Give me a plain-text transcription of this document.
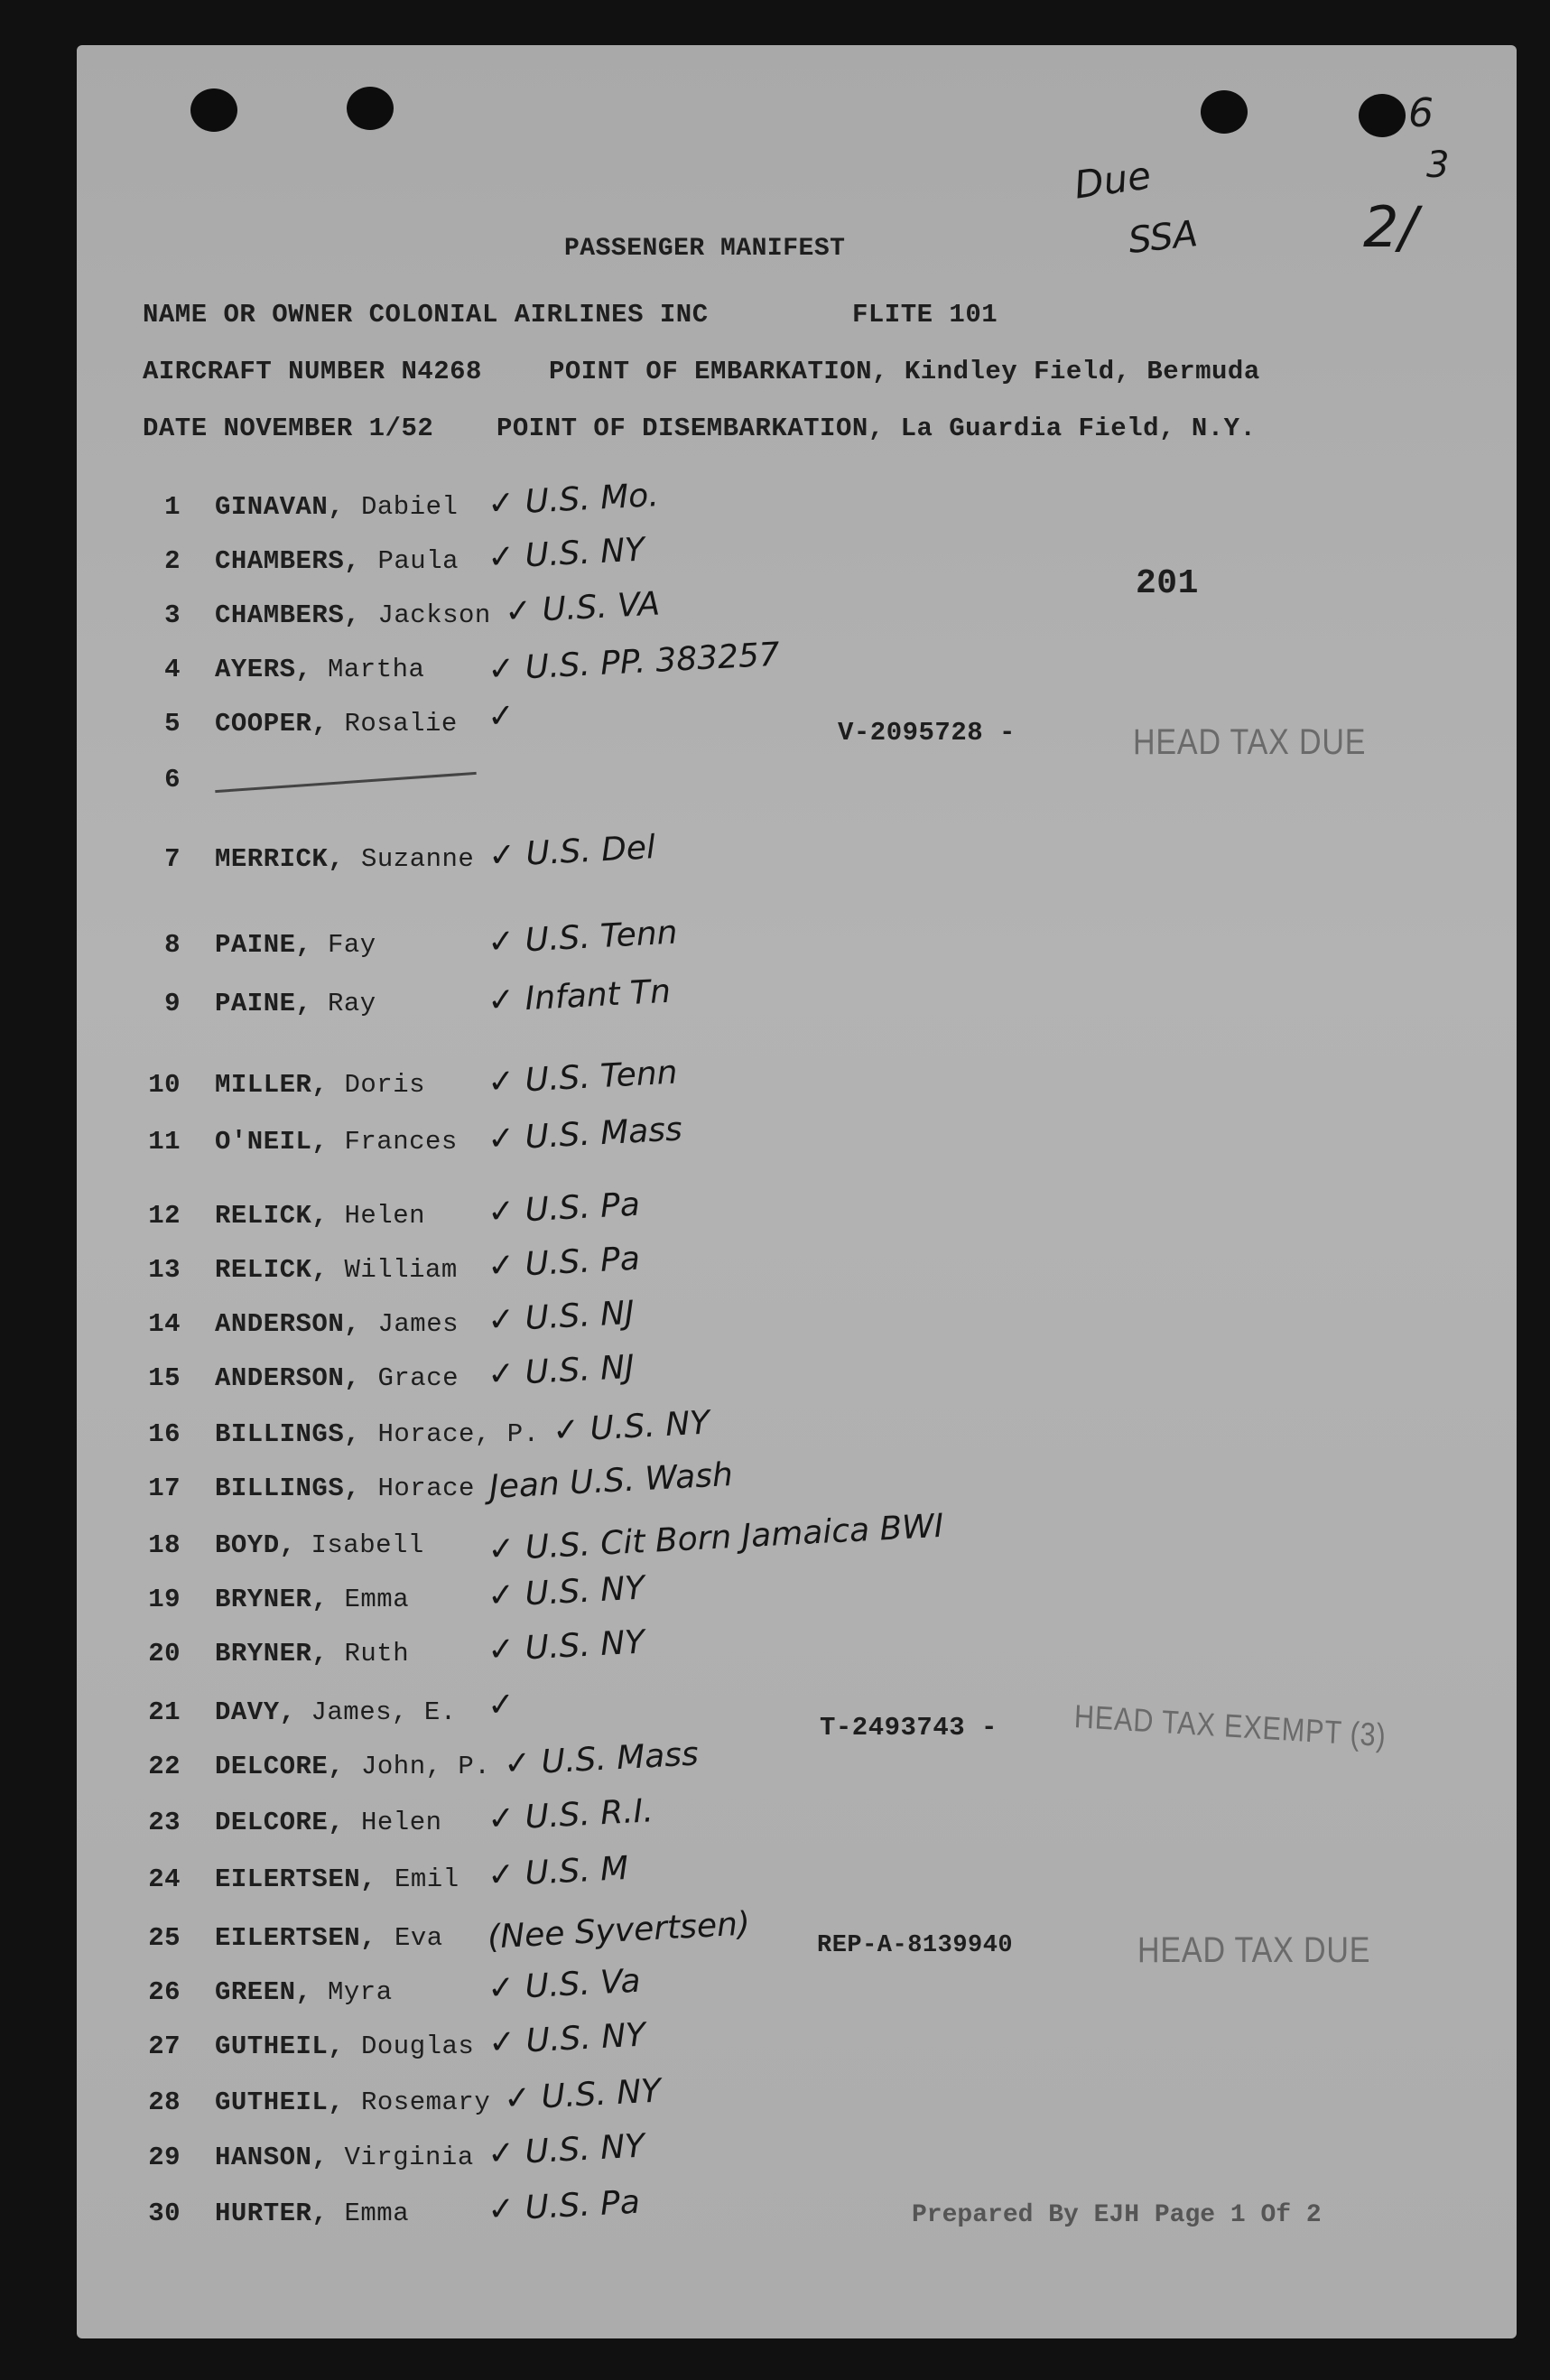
6
3
2/
Due
SSA
PASSENGER MANIFEST
NAME OR OWNER COLONIAL AIRLINES INC	FLITE 101
AIRCRAFT NUMBER N4268	POINT OF EMBARKATION, Kindley Field, Bermuda
DATE NOVEMBER 1/52 POINT OF DISEMBARKATION, La Guardia Field, N.Y.
201
HEAD TAX DUE
HEAD TAX EXEMPT (3)
HEAD TAX DUE
V-2095728 -
T-2493743 -
REP-A-8139940
1 GINAVAN, Dabiel ✓ U.S. Mo.
2 CHAMBERS, Paula ✓ U.S. NY
3 CHAMBERS, Jackson ✓ U.S. VA
4 AYERS, Martha ✓ U.S. PP. 383257
5 COOPER, Rosalie ✓
6
7 MERRICK, Suzanne ✓ U.S. Del
8 PAINE, Fay	✓ U.S. Tenn
9 PAINE, Ray	✓ Infant Tn
10 MILLER, Doris ✓ U.S. Tenn
11 O'NEIL, Frances ✓ U.S. Mass
12 RELICK, Helen ✓ U.S. Pa
13 RELICK, William ✓ U.S. Pa
14 ANDERSON, James ✓ U.S. NJ
15 ANDERSON, Grace ✓ U.S. NJ
16 BILLINGS, Horace, P. ✓ U.S. NY
17 BILLINGS, Horace Jean U.S. Wash
18 BOYD, Isabell ✓ U.S. Cit Born Jamaica BWI
19 BRYNER, Emma ✓ U.S. NY
20 BRYNER, Ruth ✓ U.S. NY
21 DAVY, James, E. ✓
22 DELCORE, John, P. ✓ U.S. Mass
23 DELCORE, Helen ✓ U.S. R.I.
24 EILERTSEN, Emil ✓ U.S. M
25 EILERTSEN, Eva (Nee Syvertsen)
26 GREEN, Myra	✓ U.S. Va
27 GUTHEIL, Douglas ✓ U.S. NY
28 GUTHEIL, Rosemary ✓ U.S. NY
29 HANSON, Virginia ✓ U.S. NY
30 HURTER, Emma ✓ U.S. Pa	Prepared By EJH Page 1 Of 2
